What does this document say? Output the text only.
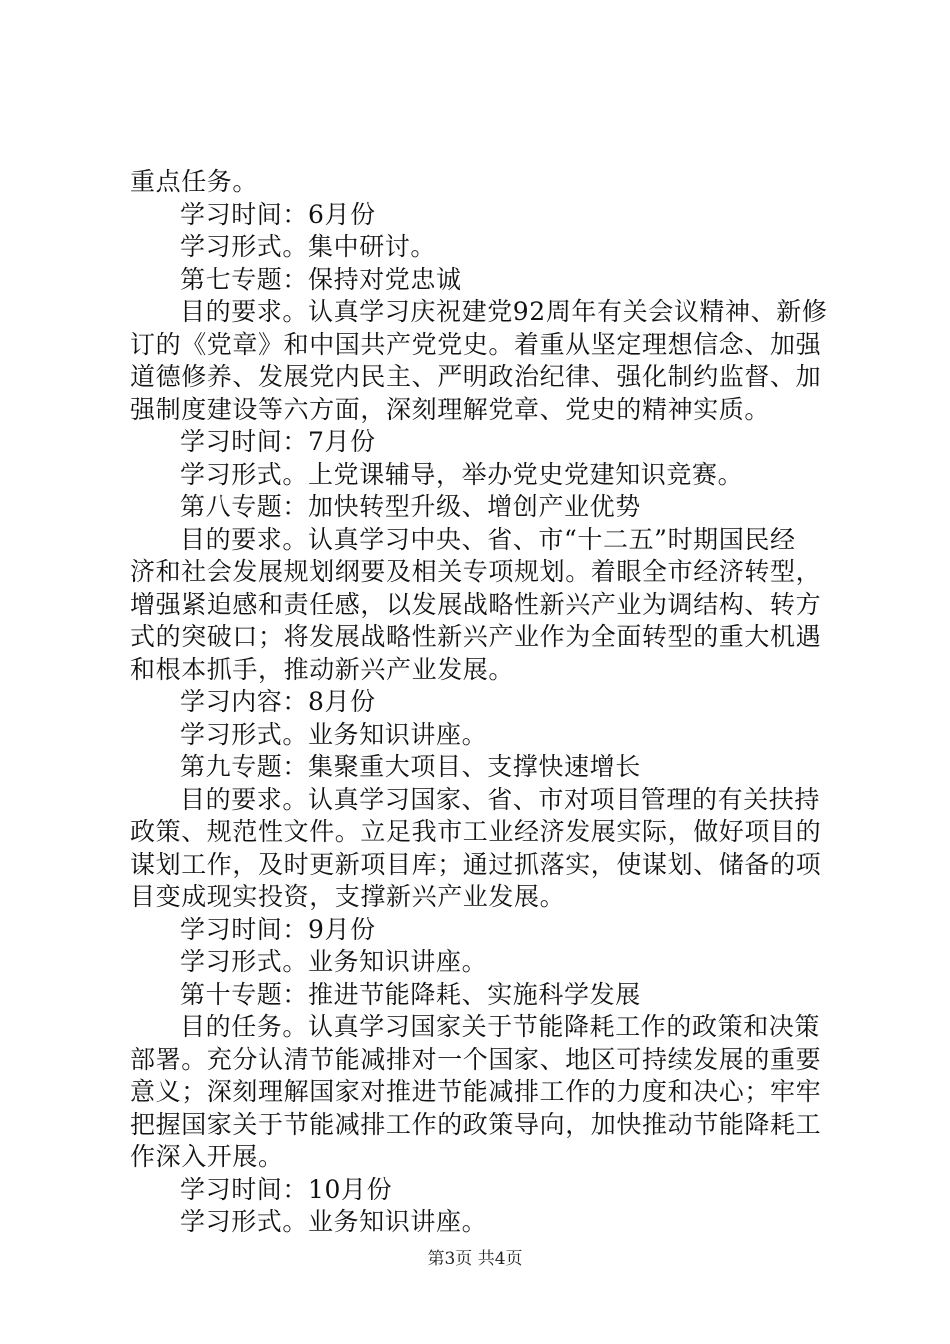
重点任务。
学习时间：6月份
学习形式。集中研讨。
第七专题：保持对党忠诚
目的要求。认真学习庆祝建党92周年有关会议精神、新修
订的《党章》和中国共产党党史。着重从坚定理想信念、加强
道德修养、发展党内民主、严明政治纪律、强化制约监督、加
强制度建设等六方面，深刻理解党章、党史的精神实质。
学习时间：7月份
学习形式。上党课辅导，举办党史党建知识竞赛。
第八专题：加快转型升级、增创产业优势
目的要求。认真学习中央、省、市“十二五”时期国民经
济和社会发展规划纲要及相关专项规划。着眼全市经济转型，
增强紧迫感和责任感，以发展战略性新兴产业为调结构、转方
式的突破口；将发展战略性新兴产业作为全面转型的重大机遇
和根本抓手，推动新兴产业发展。
学习内容：8月份
学习形式。业务知识讲座。
第九专题：集聚重大项目、支撑快速增长
目的要求。认真学习国家、省、市对项目管理的有关扶持
政策、规范性文件。立足我市工业经济发展实际，做好项目的
谋划工作，及时更新项目库；通过抓落实，使谋划、储备的项
目变成现实投资，支撑新兴产业发展。
学习时间：9月份
学习形式。业务知识讲座。
第十专题：推进节能降耗、实施科学发展
目的任务。认真学习国家关于节能降耗工作的政策和决策
部署。充分认清节能减排对一个国家、地区可持续发展的重要
意义；深刻理解国家对推进节能减排工作的力度和决心；牢牢
把握国家关于节能减排工作的政策导向，加快推动节能降耗工
作深入开展。
学习时间：10月份
学习形式。业务知识讲座。
第3页 共4页
